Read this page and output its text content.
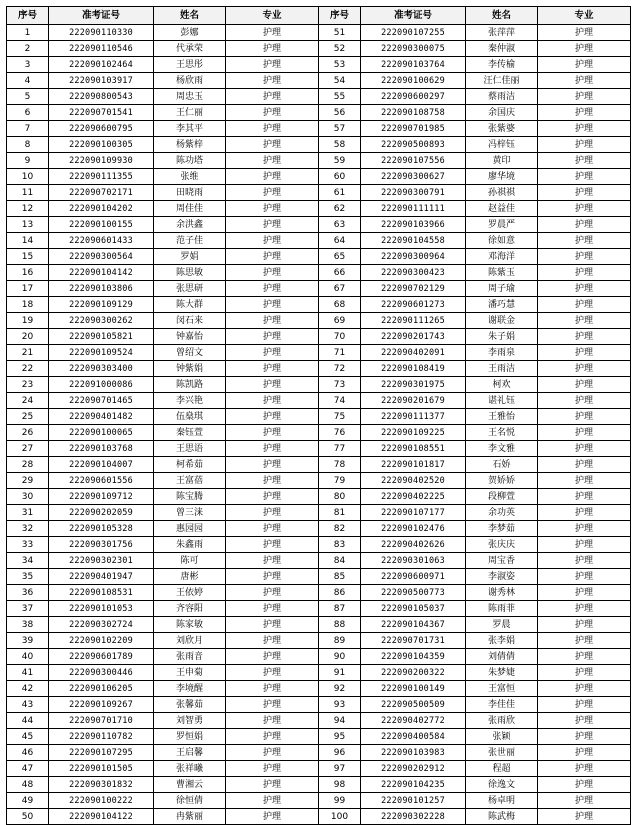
序号	准考证号	姓名	专业	序号	准考证号	姓名	专业
1	222090110330	彭娜	护理	51	222090107255	张萍萍	护理
2	222090110546	代承荣	护理	52	222090300075	秦仲淑	护理
3	222090102464	王思彤	护理	53	222090103764	李传榆	护理
4	222090103917	杨欣雨	护理	54	222090100629	汪仁佳丽	护理
5	222090800543	周忠玉	护理	55	222090600297	蔡雨洁	护理
6	222090701541	王仁丽	护理	56	222090108758	余国庆	护理
7	222090600795	李其平	护理	57	222090701985	张紫婆	护理
8	222090100305	杨紫梓	护理	58	222090500893	冯梓钰	护理
9	222090109930	陈功塔	护理	59	222090107556	黄印	护理
10	222090111355	张维	护理	60	222090300627	廖华境	护理
11	222090702171	田晓雨	护理	61	222090300791	孙祺祺	护理
12	222090104202	周佳佳	护理	62	222090111111	赵益佳	护理
13	222090100155	余洪鑫	护理	63	222090103966	罗晨严	护理
14	222090601433	范子佳	护理	64	222090104558	徐如意	护理
15	222090300564	罗娟	护理	65	222090300964	邓海洋	护理
16	222090104142	陈思敏	护理	66	222090300423	陈紫玉	护理
17	222090103806	张思研	护理	67	222090702129	周子瑜	护理
18	222090109129	陈大群	护理	68	222090601273	潘巧慧	护理
19	222090300262	闵石来	护理	69	222090111265	谢联金	护理
20	222090105821	钟嘉怡	护理	70	222090201743	朱子娟	护理
21	222090109524	曾绍文	护理	71	222090402091	李雨泉	护理
22	222090303400	钟紫娟	护理	72	222090108419	王雨洁	护理
23	222091000086	陈凯路	护理	73	222090301975	柯欢	护理
24	222090701465	李兴艳	护理	74	222090201679	谌礼钰	护理
25	222090401482	伍燊琪	护理	75	222090111377	王雅怡	护理
26	222090100065	秦钰萱	护理	76	222090109225	王名悦	护理
27	222090103768	王思语	护理	77	222090108551	李文雅	护理
28	222090104007	柯希茹	护理	78	222090101817	石娇	护理
29	222090601556	王富蓓	护理	79	222090402520	贺娇娇	护理
30	222090109712	陈宝腾	护理	80	222090402225	段柳萱	护理
31	222090202059	曾三涞	护理	81	222090107177	余功英	护理
32	222090105328	惠园园	护理	82	222090102476	李梦茹	护理
33	222090301756	朱鑫雨	护理	83	222090402626	张庆庆	护理
34	222090302301	陈可	护理	84	222090301063	周宝香	护理
35	222090401947	唐彬	护理	85	222090600971	李淑姿	护理
36	222090108531	王依婷	护理	86	222090500773	谢秀林	护理
37	222090101053	齐容阳	护理	87	222090105037	陈雨菲	护理
38	222090302724	陈家敏	护理	88	222090104367	罗晨	护理
39	222090102209	刘欣月	护理	89	222090701731	张李娟	护理
40	222090601789	张雨音	护理	90	222090104359	刘倩倩	护理
41	222090300446	王申菊	护理	91	222090200322	朱梦婕	护理
42	222090106205	李境醒	护理	92	222090100149	王富恒	护理
43	222090109267	张馨茹	护理	93	222090500509	李佳佳	护理
44	222090701710	刘智勇	护理	94	222090402772	张雨欣	护理
45	222090110782	罗恒娟	护理	95	222090400584	张颖	护理
46	222090107295	王启馨	护理	96	222090103983	张世丽	护理
47	222090101505	张祥曦	护理	97	222090202912	程超	护理
48	222090301832	曹湘云	护理	98	222090104235	徐逸文	护理
49	222090100222	徐恒倩	护理	99	222090101257	杨卓明	护理
50	222090104122	冉紫丽	护理	100	222090302228	陈武梅	护理
